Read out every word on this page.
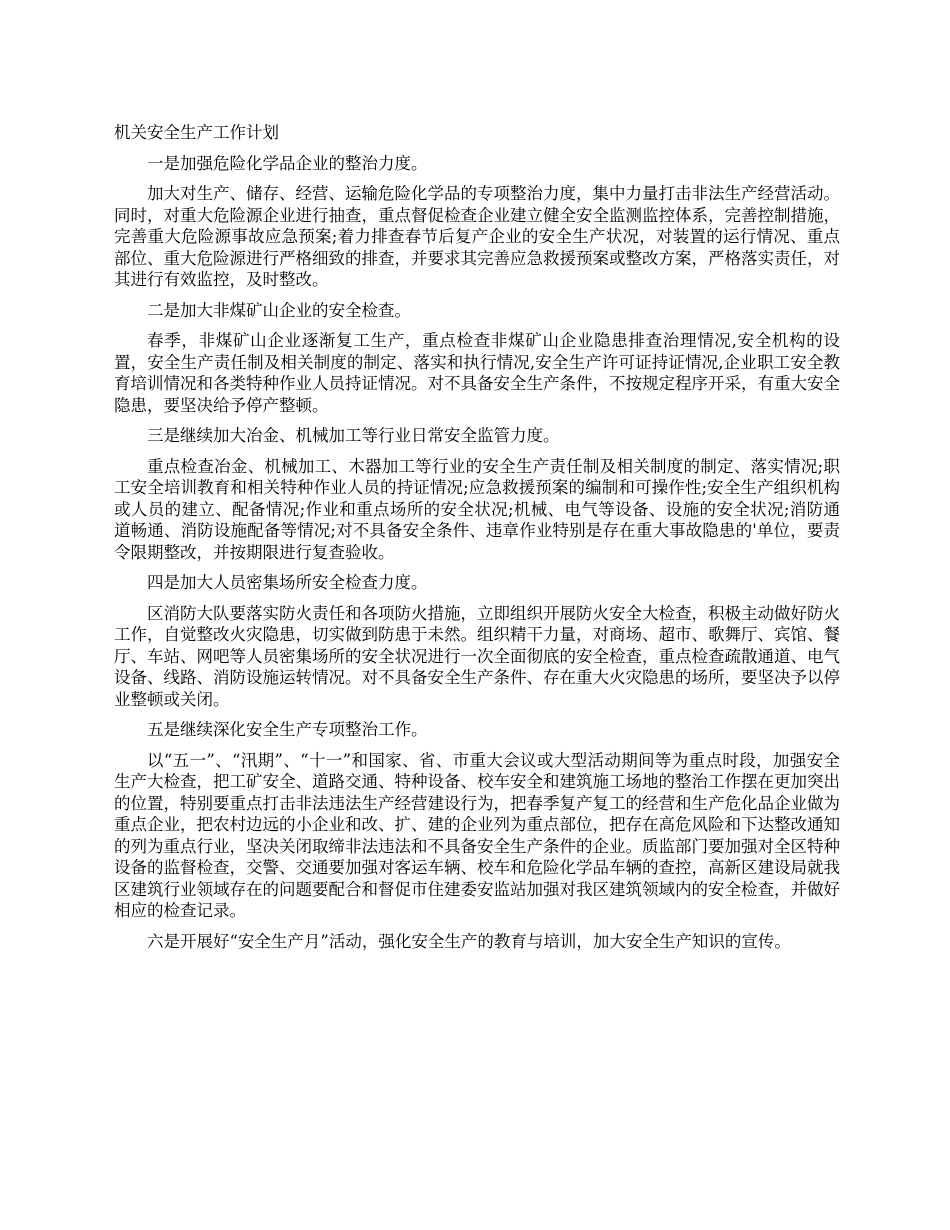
机关安全生产工作计划

一是加强危险化学品企业的整治力度。

加大对生产、储存、经营、运输危险化学品的专项整治力度，集中力量打击非法生产经营活动。同时，对重大危险源企业进行抽查，重点督促检查企业建立健全安全监测监控体系，完善控制措施，完善重大危险源事故应急预案;着力排查春节后复产企业的安全生产状况，对装置的运行情况、重点部位、重大危险源进行严格细致的排查，并要求其完善应急救援预案或整改方案，严格落实责任，对其进行有效监控，及时整改。

二是加大非煤矿山企业的安全检查。

春季，非煤矿山企业逐渐复工生产，重点检查非煤矿山企业隐患排查治理情况,安全机构的设置，安全生产责任制及相关制度的制定、落实和执行情况,安全生产许可证持证情况,企业职工安全教育培训情况和各类特种作业人员持证情况。对不具备安全生产条件，不按规定程序开采，有重大安全隐患，要坚决给予停产整顿。

三是继续加大冶金、机械加工等行业日常安全监管力度。

重点检查冶金、机械加工、木器加工等行业的安全生产责任制及相关制度的制定、落实情况;职工安全培训教育和相关特种作业人员的持证情况;应急救援预案的编制和可操作性;安全生产组织机构或人员的建立、配备情况;作业和重点场所的安全状况;机械、电气等设备、设施的安全状况;消防通道畅通、消防设施配备等情况;对不具备安全条件、违章作业特别是存在重大事故隐患的'单位，要责令限期整改，并按期限进行复查验收。

四是加大人员密集场所安全检查力度。

区消防大队要落实防火责任和各项防火措施，立即组织开展防火安全大检查，积极主动做好防火工作，自觉整改火灾隐患，切实做到防患于未然。组织精干力量，对商场、超市、歌舞厅、宾馆、餐厅、车站、网吧等人员密集场所的安全状况进行一次全面彻底的安全检查，重点检查疏散通道、电气设备、线路、消防设施运转情况。对不具备安全生产条件、存在重大火灾隐患的场所，要坚决予以停业整顿或关闭。

五是继续深化安全生产专项整治工作。

以“五一”、“汛期”、“十一”和国家、省、市重大会议或大型活动期间等为重点时段，加强安全生产大检查，把工矿安全、道路交通、特种设备、校车安全和建筑施工场地的整治工作摆在更加突出的位置，特别要重点打击非法违法生产经营建设行为，把春季复产复工的经营和生产危化品企业做为重点企业，把农村边远的小企业和改、扩、建的企业列为重点部位，把存在高危风险和下达整改通知的列为重点行业，坚决关闭取缔非法违法和不具备安全生产条件的企业。质监部门要加强对全区特种设备的监督检查，交警、交通要加强对客运车辆、校车和危险化学品车辆的查控，高新区建设局就我区建筑行业领域存在的问题要配合和督促市住建委安监站加强对我区建筑领域内的安全检查，并做好相应的检查记录。

六是开展好“安全生产月”活动，强化安全生产的教育与培训，加大安全生产知识的宣传。
